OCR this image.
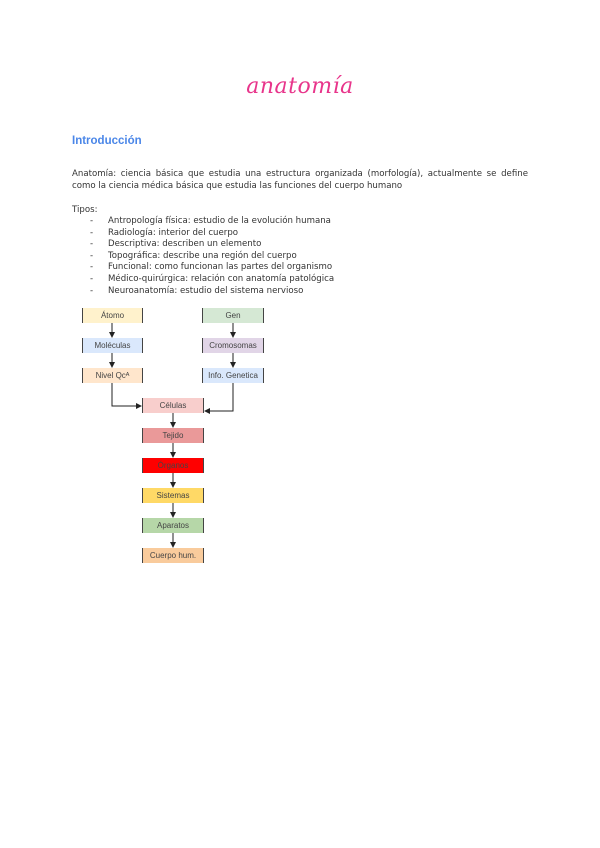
anatomía
Introducción
Anatomía: ciencia básica que estudia una estructura organizada (morfología), actualmente se define como la ciencia médica básica que estudia las funciones del cuerpo humano
Tipos:
- Antropología física: estudio de la evolución humana
- Radiología: interior del cuerpo
- Descriptiva: describen un elemento
- Topográfica: describe una región del cuerpo
- Funcional: como funcionan las partes del organismo
- Médico-quirúrgica: relación con anatomía patológica
- Neuroanatomía: estudio del sistema nervioso
Átomo
Moléculas
Nivel Qcᴬ
Gen
Cromosomas
Info. Genetica
Células
Tejido
Órganos
Sistemas
Aparatos
Cuerpo hum.
